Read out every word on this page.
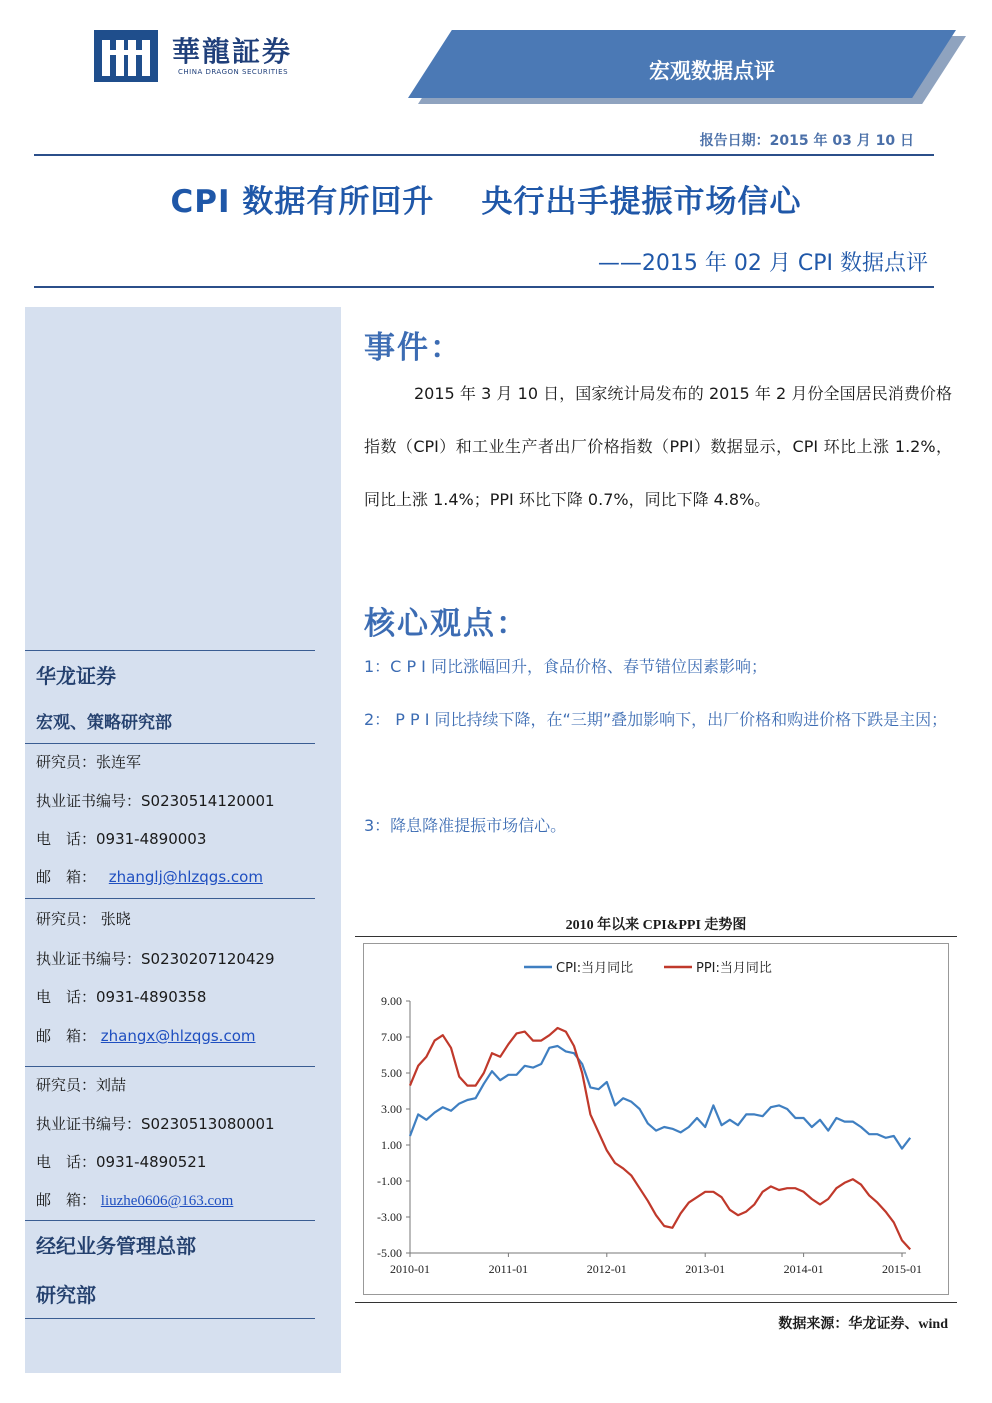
華龍証券
CHINA DRAGON SECURITIES	宏观数据点评
报告日期：2015 年 03 月 10 日
CPI 数据有所回升    央行出手提振市场信心
——2015 年 02 月 CPI 数据点评
华龙证券
宏观、策略研究部
研究员：张连军
执业证书编号：S0230514120001
电　话：0931-4890003
邮　箱： zhanglj@hlzqgs.com
研究员： 张晓
执业证书编号：S0230207120429
电　话：0931-4890358
邮　箱： zhangx@hlzqgs.com
研究员：刘喆
执业证书编号：S0230513080001
电　话：0931-4890521
邮　箱： liuzhe0606@163.com
经纪业务管理总部
研究部
事件：
2015 年 3 月 10 日，国家统计局发布的 2015 年 2 月份全国居民消费价格指数（CPI）和工业生产者出厂价格指数（PPI）数据显示，CPI 环比上涨 1.2%，同比上涨 1.4%；PPI 环比下降 0.7%，同比下降 4.8%。
核心观点：
1：C P I 同比涨幅回升，食品价格、春节错位因素影响；
2： P P I 同比持续下降，在“三期”叠加影响下，出厂价格和购进价格下跌是主因；
3：降息降准提振市场信心。
2010 年以来 CPI&PPI 走势图
9.00
7.00
5.00
3.00
1.00
-1.00
-3.00
-5.00
2010-01	2011-01	2012-01	2013-01	2014-01	2015-01
CPI:当月同比	PPI:当月同比
数据来源：华龙证券、wind
